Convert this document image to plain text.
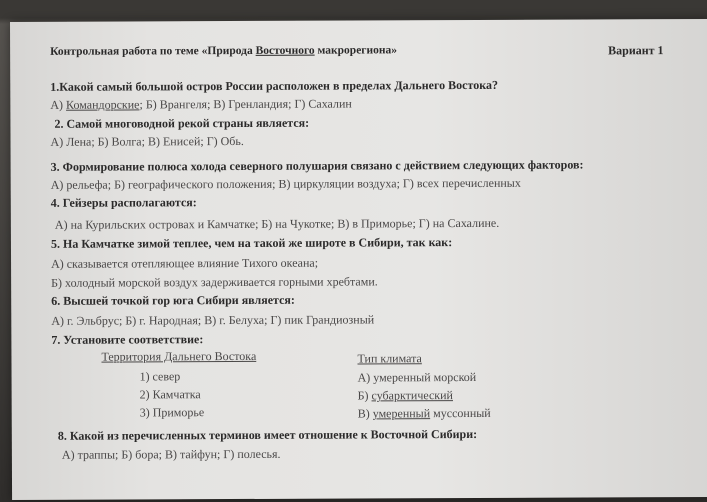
Контрольная работа по теме «Природа Восточного макрорегиона»	Вариант 1
1.Какой самый большой остров России расположен в пределах Дальнего Востока?
А) Командорские; Б) Врангеля; В) Гренландия; Г) Сахалин
2. Самой многоводной рекой страны является:
А) Лена; Б) Волга; В) Енисей; Г) Обь.
3. Формирование полюса холода северного полушария связано с действием следующих факторов:
А) рельефа; Б) географического положения; В) циркуляции воздуха; Г) всех перечисленных
4. Гейзеры располагаются:
А) на Курильских островах и Камчатке; Б) на Чукотке; В) в Приморье; Г) на Сахалине.
5. На Камчатке зимой теплее, чем на такой же широте в Сибири, так как:
А) сказывается отепляющее влияние Тихого океана;
Б) холодный морской воздух задерживается горными хребтами.
6. Высшей точкой гор юга Сибири является:
А) г. Эльбрус; Б) г. Народная; В) г. Белуха; Г) пик Грандиозный
7. Установите соответствие:
Территория Дальнего Востока	Тип климата
1) север
2) Камчатка
3) Приморье
А) умеренный морской
Б) субарктический
В) умеренный муссонный
8. Какой из перечисленных терминов имеет отношение к Восточной Сибири:
А) траппы; Б) бора; В) тайфун; Г) полесья.
